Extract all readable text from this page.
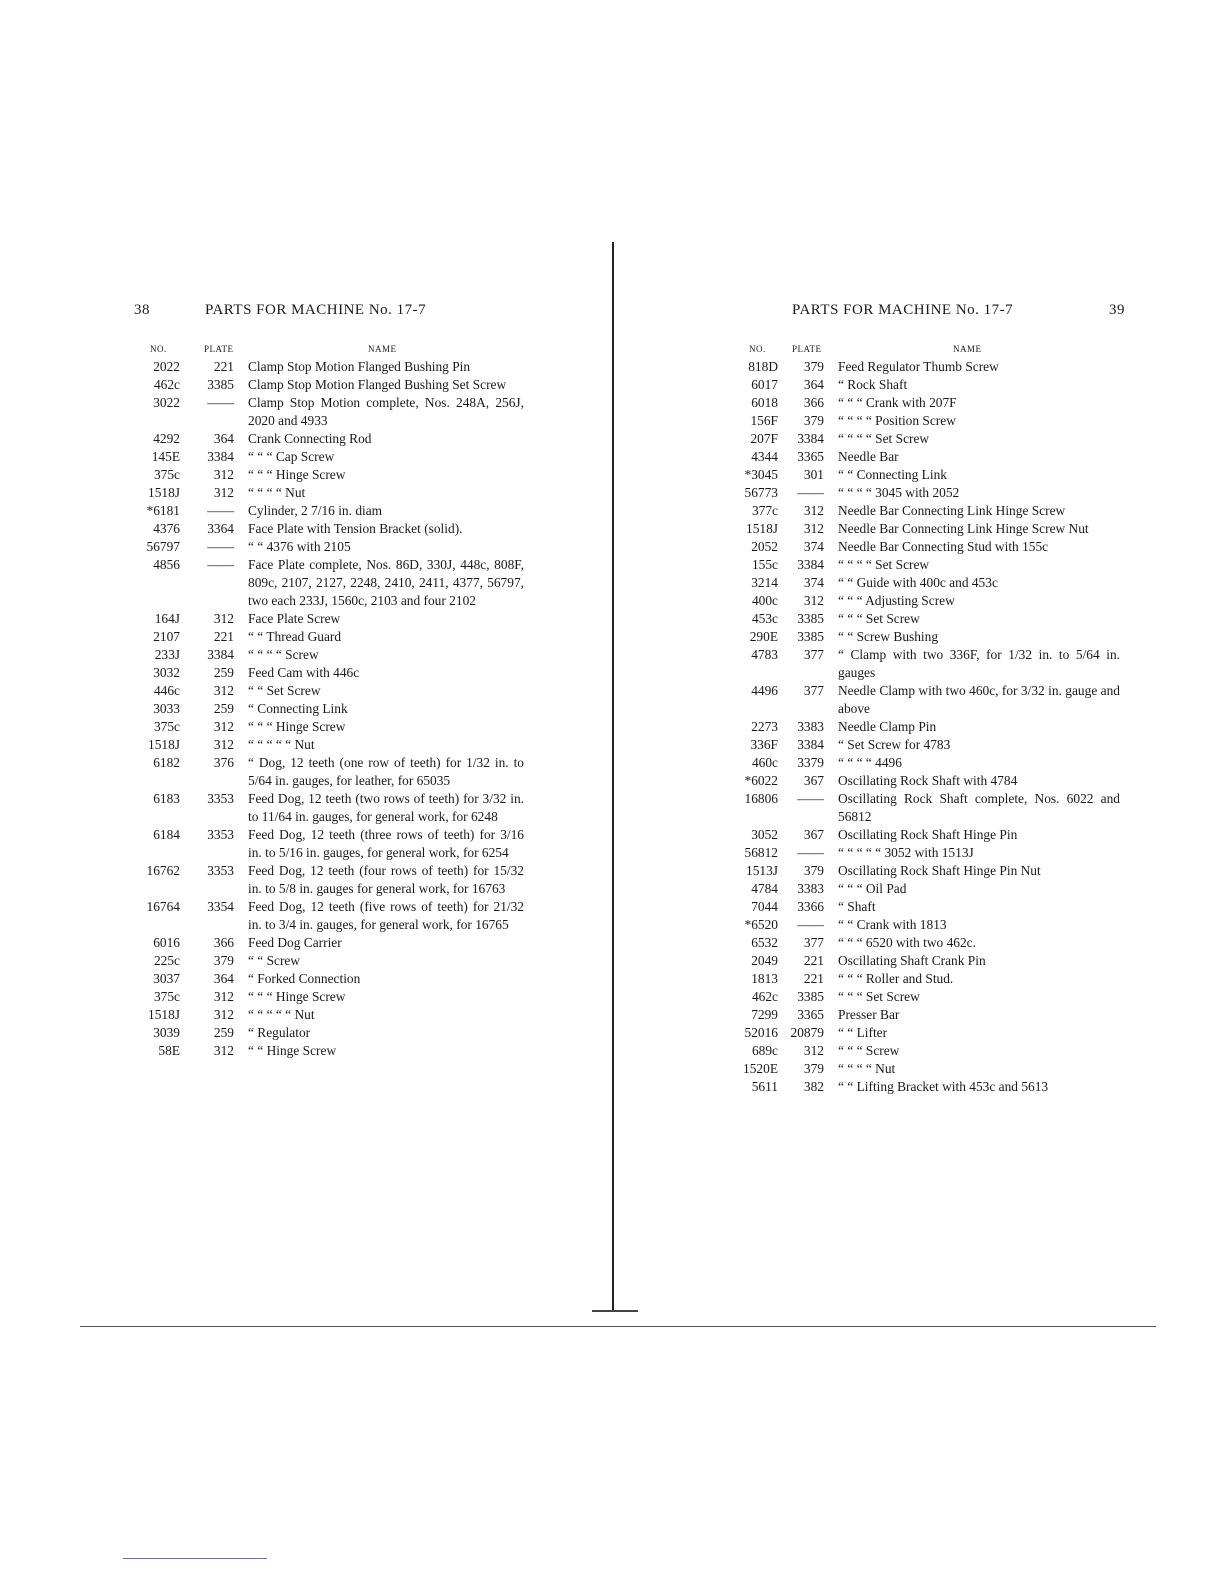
38	PARTS FOR MACHINE No. 17-7
NO.	PLATE	NAME
2022	221 Clamp Stop Motion Flanged Bushing Pin
462c	3385 Clamp Stop Motion Flanged Bushing Set Screw
3022	—— Clamp Stop Motion complete, Nos. 248A, 256J, 2020 and 4933
4292	364 Crank Connecting Rod
145E	3384 “ “ “ Cap Screw
375c	312 “ “ “ Hinge Screw
1518J	312 “ “ “ “ Nut
*6181	—— Cylinder, 2 7/16 in. diam
4376	3364 Face Plate with Tension Bracket (solid).
56797	—— “ “ 4376 with 2105
4856	—— Face Plate complete, Nos. 86D, 330J, 448c, 808F, 809c, 2107, 2127, 2248, 2410, 2411, 4377, 56797, two each 233J, 1560c, 2103 and four 2102
164J	312 Face Plate Screw
2107	221 “ “ Thread Guard
233J	3384 “ “ “ “ Screw
3032	259 Feed Cam with 446c
446c	312 “ “ Set Screw
3033	259 “ Connecting Link
375c	312 “ “ “ Hinge Screw
1518J	312 “ “ “ “ “ Nut
6182	376 “ Dog, 12 teeth (one row of teeth) for 1/32 in. to 5/64 in. gauges, for leather, for 65035
6183	3353 Feed Dog, 12 teeth (two rows of teeth) for 3/32 in. to 11/64 in. gauges, for general work, for 6248
6184	3353 Feed Dog, 12 teeth (three rows of teeth) for 3/16 in. to 5/16 in. gauges, for general work, for 6254
16762	3353 Feed Dog, 12 teeth (four rows of teeth) for 15/32 in. to 5/8 in. gauges for general work, for 16763
16764	3354 Feed Dog, 12 teeth (five rows of teeth) for 21/32 in. to 3/4 in. gauges, for general work, for 16765
6016	366 Feed Dog Carrier
225c	379 “ “ Screw
3037	364 “ Forked Connection
375c	312 “ “ “ Hinge Screw
1518J	312 “ “ “ “ “ Nut
3039	259 “ Regulator
58E	312 “ “ Hinge Screw
PARTS FOR MACHINE No. 17-7	39
NO.	PLATE	NAME
818D	379 Feed Regulator Thumb Screw
6017	364 “ Rock Shaft
6018	366 “ “ “ Crank with 207F
156F	379 “ “ “ “ Position Screw
207F	3384 “ “ “ “ Set Screw
4344	3365 Needle Bar
*3045	301 “ “ Connecting Link
56773	—— “ “ “ “ 3045 with 2052
377c	312 Needle Bar Connecting Link Hinge Screw
1518J	312 Needle Bar Connecting Link Hinge Screw Nut
2052	374 Needle Bar Connecting Stud with 155c
155c	3384 “ “ “ “ Set Screw
3214	374 “ “ Guide with 400c and 453c
400c	312 “ “ “ Adjusting Screw
453c	3385 “ “ “ Set Screw
290E	3385 “ “ Screw Bushing
4783	377 “ Clamp with two 336F, for 1/32 in. to 5/64 in. gauges
4496	377 Needle Clamp with two 460c, for 3/32 in. gauge and above
2273	3383 Needle Clamp Pin
336F	3384 “ Set Screw for 4783
460c	3379 “ “ “ “ 4496
*6022	367 Oscillating Rock Shaft with 4784
16806	—— Oscillating Rock Shaft complete, Nos. 6022 and 56812
3052	367 Oscillating Rock Shaft Hinge Pin
56812	—— “ “ “ “ “ 3052 with 1513J
1513J	379 Oscillating Rock Shaft Hinge Pin Nut
4784	3383 “ “ “ Oil Pad
7044	3366 “ Shaft
*6520	—— “ “ Crank with 1813
6532	377 “ “ “ 6520 with two 462c.
2049	221 Oscillating Shaft Crank Pin
1813	221 “ “ “ Roller and Stud.
462c	3385 “ “ “ Set Screw
7299	3365 Presser Bar
52016 20879 “ “ Lifter
689c	312 “ “ “ Screw
1520E	379 “ “ “ “ Nut
5611	382 “ “ Lifting Bracket with 453c and 5613
